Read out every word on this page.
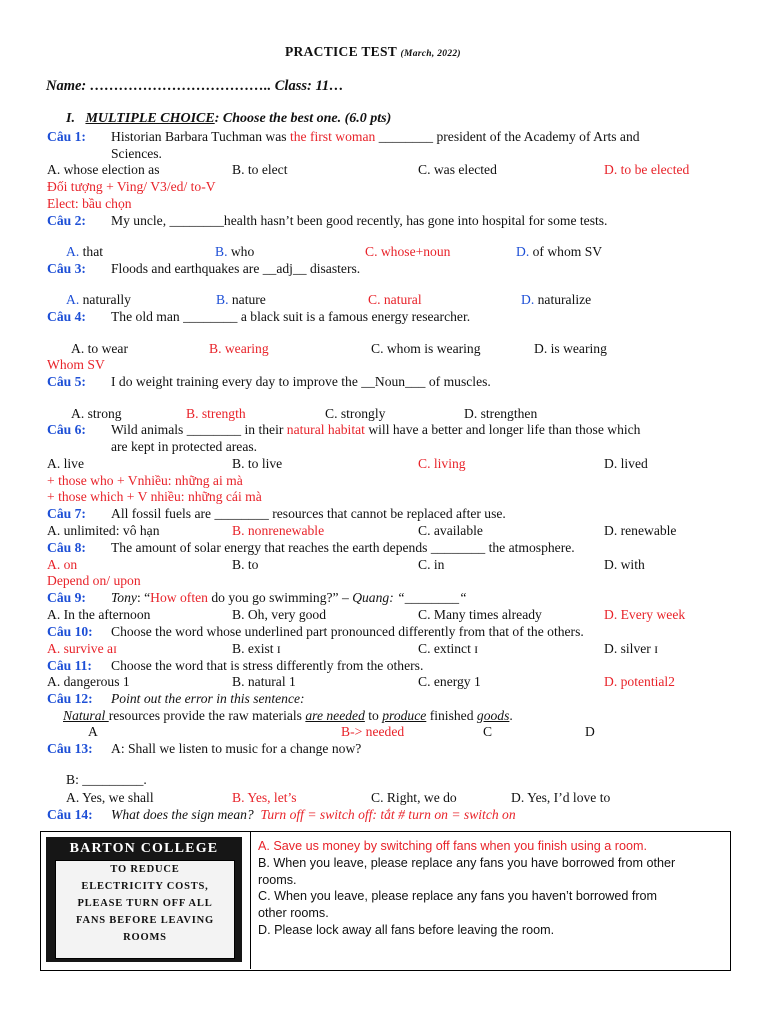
PRACTICE TEST (March, 2022)
Name: ……………………………….. Class: 11…
I. MULTIPLE CHOICE: Choose the best one. (6.0 pts)
Câu 1: Historian Barbara Tuchman was the first woman ________ president of the Academy of Arts and
Sciences.
A. whose election as	B. to elect	C. was elected	D. to be elected
Đối tượng + Ving/ V3/ed/ to-V
Elect: bầu chọn
Câu 2: My uncle, ________health hasn’t been good recently, has gone into hospital for some tests.
A. that	B. who	C. whose+noun	D. of whom SV
Câu 3: Floods and earthquakes are __adj__ disasters.
A. naturally	B. nature	C. natural	D. naturalize
Câu 4: The old man ________ a black suit is a famous energy researcher.
A. to wear	B. wearing	C. whom is wearing	D. is wearing
Whom SV
Câu 5: I do weight training every day to improve the __Noun___ of muscles.
A. strong	B. strength	C. strongly	D. strengthen
Câu 6: Wild animals ________ in their natural habitat will have a better and longer life than those which
are kept in protected areas.
A. live	B. to live	C. living	D. lived
+ those who + Vnhiều: những ai mà
+ those which + V nhiều: những cái mà
Câu 7: All fossil fuels are ________ resources that cannot be replaced after use.
A. unlimited: vô hạn	B. nonrenewable	C. available	D. renewable
Câu 8: The amount of solar energy that reaches the earth depends ________ the atmosphere.
A. on	B. to	C. in	D. with
Depend on/ upon
Câu 9: Tony: “How often do you go swimming?” – Quang: “________“
A. In the afternoon	B. Oh, very good	C. Many times already	D. Every week
Câu 10: Choose the word whose underlined part pronounced differently from that of the others.
A. survive aɪ	B. exist ɪ	C. extinct ɪ	D. silver ɪ
Câu 11: Choose the word that is stress differently from the others.
A. dangerous 1	B. natural 1	C. energy 1	D. potential2
Câu 12: Point out the error in this sentence:
Natural resources provide the raw materials are needed to produce finished goods.
A	B-> needed	C	D
Câu 13: A: Shall we listen to music for a change now?
B: _________.
A. Yes, we shall	B. Yes, let’s	C. Right, we do	D. Yes, I’d love to
Câu 14: What does the sign mean? Turn off = switch off: tắt # turn on = switch on
BARTON COLLEGE
TO REDUCE
ELECTRICITY COSTS,
PLEASE TURN OFF ALL
FANS BEFORE LEAVING
ROOMS
A. Save us money by switching off fans when you finish using a room.
B. When you leave, please replace any fans you have borrowed from other
rooms.
C. When you leave, please replace any fans you haven’t borrowed from
other rooms.
D. Please lock away all fans before leaving the room.
